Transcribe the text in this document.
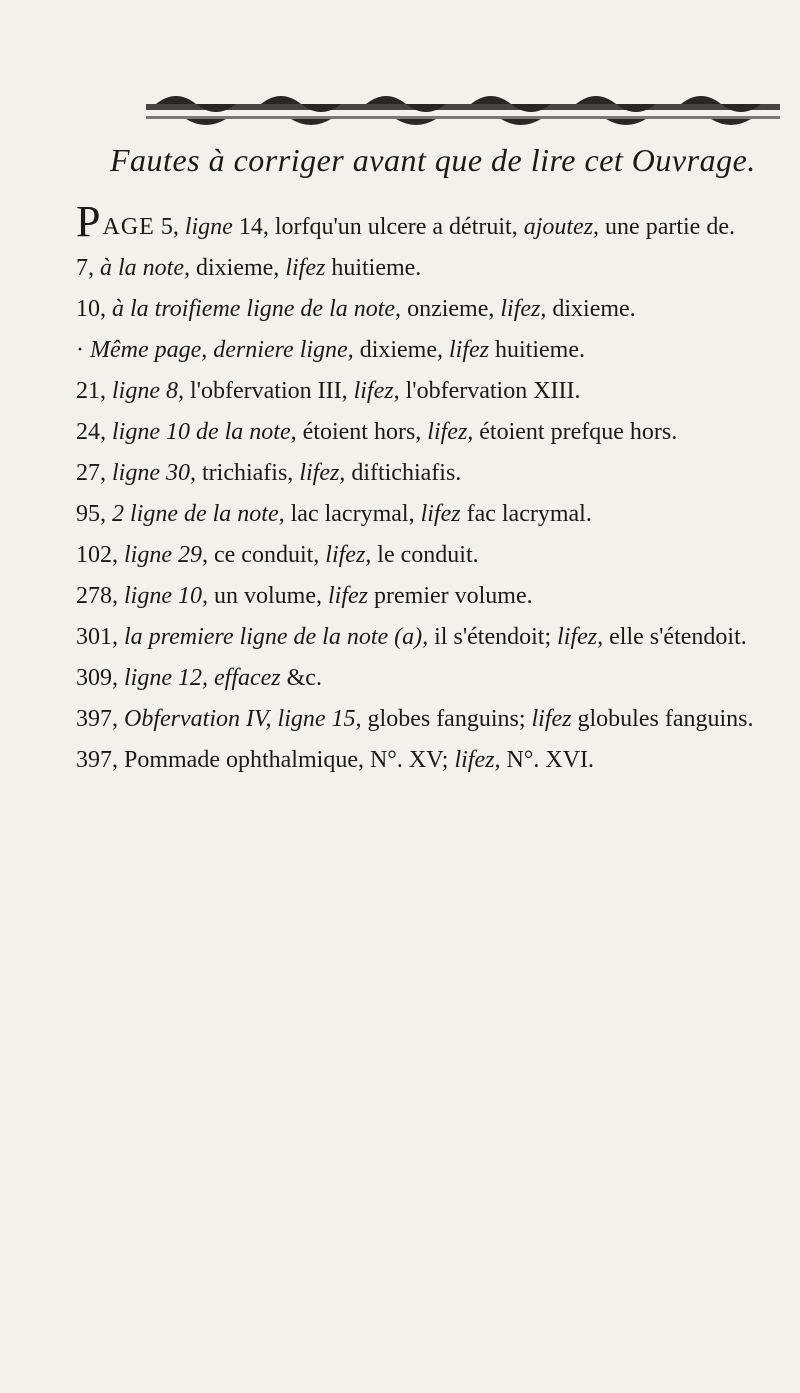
Fautes à corriger avant que de lire cet Ouvrage.

PAGE 5, ligne 14, lorfqu'un ulcere a détruit, ajoutez, une partie de.

7, à la note, dixieme, lifez huitieme.

10, à la troifieme ligne de la note, onzieme, lifez, dixieme.

· Même page, derniere ligne, dixieme, lifez huitieme.

21, ligne 8, l'obfervation III, lifez, l'obfervation XIII.

24, ligne 10 de la note, étoient hors, lifez, étoient prefque hors.

27, ligne 30, trichiafis, lifez, diftichiafis.

95, 2 ligne de la note, lac lacrymal, lifez fac lacrymal.

102, ligne 29, ce conduit, lifez, le conduit.

278, ligne 10, un volume, lifez premier volume.

301, la premiere ligne de la note (a), il s'étendoit; lifez, elle s'étendoit.

309, ligne 12, effacez &c.

397, Obfervation IV, ligne 15, globes fanguins; lifez globules fanguins.

397, Pommade ophthalmique, N°. XV; lifez, N°. XVI.
